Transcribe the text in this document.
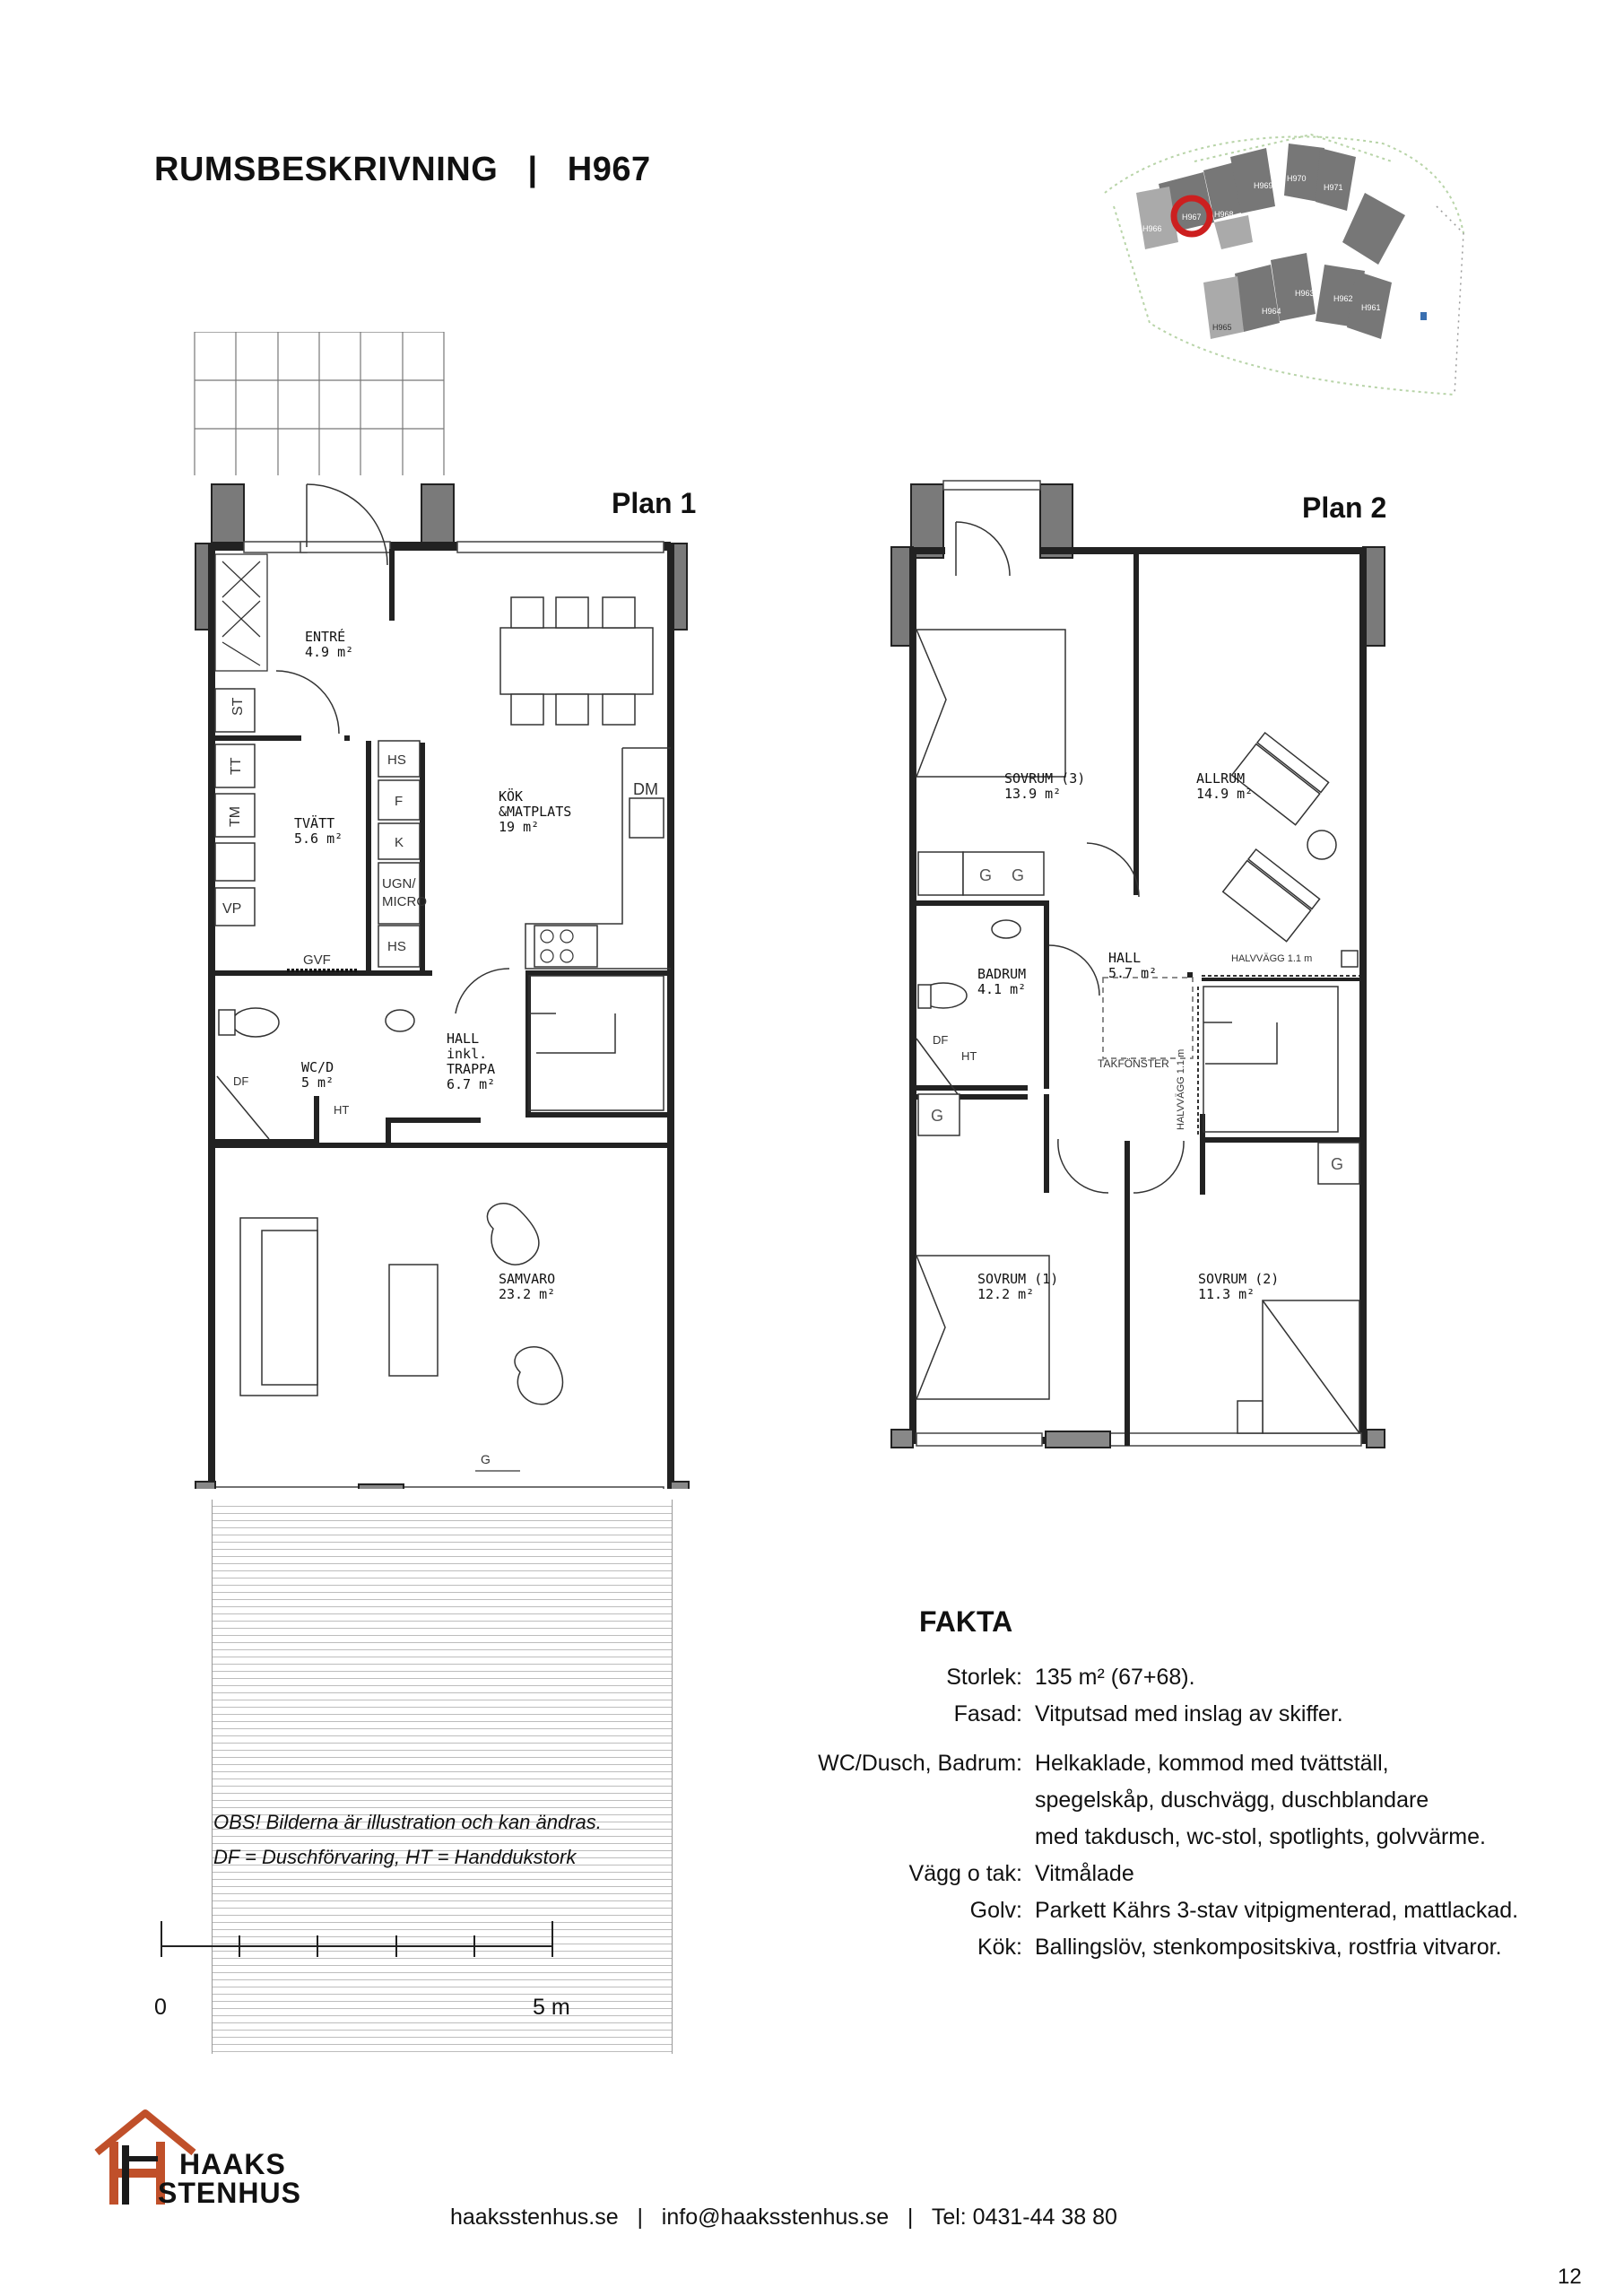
RUMSBESKRIVNING   |   H967	H969
H970
H971
H967 H968
H966
H963
H962
H961
H964
H965
ST
TT
TM
VP
GVF
HS
F
K
UGN/
MICRO
HS
DM
DF
HT
G
ENTRÉ
4.9 m²
TVÄTT
5.6 m²
KÖK
&MATPLATS
19 m²
WC/D
5 m²
HALL
inkl.
TRAPPA
6.7 m²
SAMVARO
23.2 m²
Plan 1
G G
HALVVÄGG 1.1 m
DF
HT
TAKFÖNSTER HALVVÄGG 1.1 m
G
G
SOVRUM (3)
13.9 m²
ALLRUM
14.9 m²
BADRUM
4.1 m²
HALL
5.7 m²
SOVRUM (1)
12.2 m²
SOVRUM (2)
11.3 m²
Plan 2
FAKTA
Storlek: 135 m² (67+68).
Fasad: Vitputsad med inslag av skiffer.
WC/Dusch, Badrum: Helkaklade, kommod med tvättställ,
spegelskåp, duschvägg, duschblandare
med takdusch, wc-stol, spotlights, golvvärme.
Vägg o tak: Vitmålade
Golv: Parkett Kährs 3-stav vitpigmenterad, mattlackad.
Kök: Ballingslöv, stenkompositskiva, rostfria vitvaror.
OBS! Bilderna är illustration och kan ändras.
DF = Duschförvaring, HT = Handdukstork
0	5 m
HAAKS
STENHUS
haaksstenhus.se   |   info@haaksstenhus.se   |   Tel: 0431-44 38 80
12
